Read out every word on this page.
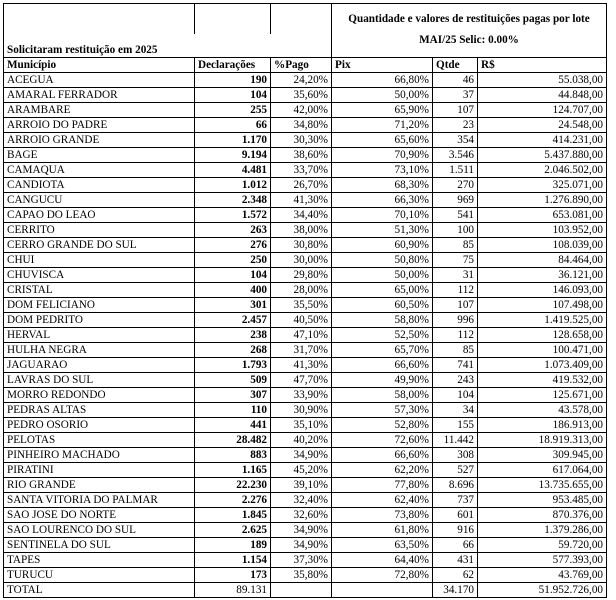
			Quantidade e valores de restituições pagas por lote		
Solicitaram restituição em 2025			MAI/25 Selic: 0.00%		
Município	Declarações	%Pago	Pix	Qtde	R$
ACEGUA	190	24,20%	66,80%	46	55.038,00
AMARAL FERRADOR	104	35,60%	50,00%	37	44.848,00
ARAMBARE	255	42,00%	65,90%	107	124.707,00
ARROIO DO PADRE	66	34,80%	71,20%	23	24.548,00
ARROIO GRANDE	1.170	30,30%	65,60%	354	414.231,00
BAGE	9.194	38,60%	70,90%	3.546	5.437.880,00
CAMAQUA	4.481	33,70%	73,10%	1.511	2.046.502,00
CANDIOTA	1.012	26,70%	68,30%	270	325.071,00
CANGUCU	2.348	41,30%	66,30%	969	1.276.890,00
CAPAO DO LEAO	1.572	34,40%	70,10%	541	653.081,00
CERRITO	263	38,00%	51,30%	100	103.952,00
CERRO GRANDE DO SUL	276	30,80%	60,90%	85	108.039,00
CHUI	250	30,00%	50,80%	75	84.464,00
CHUVISCA	104	29,80%	50,00%	31	36.121,00
CRISTAL	400	28,00%	65,00%	112	146.093,00
DOM FELICIANO	301	35,50%	60,50%	107	107.498,00
DOM PEDRITO	2.457	40,50%	58,80%	996	1.419.525,00
HERVAL	238	47,10%	52,50%	112	128.658,00
HULHA NEGRA	268	31,70%	65,70%	85	100.471,00
JAGUARAO	1.793	41,30%	66,60%	741	1.073.409,00
LAVRAS DO SUL	509	47,70%	49,90%	243	419.532,00
MORRO REDONDO	307	33,90%	58,00%	104	125.671,00
PEDRAS ALTAS	110	30,90%	57,30%	34	43.578,00
PEDRO OSORIO	441	35,10%	52,80%	155	186.913,00
PELOTAS	28.482	40,20%	72,60%	11.442	18.919.313,00
PINHEIRO MACHADO	883	34,90%	66,60%	308	309.945,00
PIRATINI	1.165	45,20%	62,20%	527	617.064,00
RIO GRANDE	22.230	39,10%	77,80%	8.696	13.735.655,00
SANTA VITORIA DO PALMAR	2.276	32,40%	62,40%	737	953.485,00
SAO JOSE DO NORTE	1.845	32,60%	73,80%	601	870.376,00
SAO LOURENCO DO SUL	2.625	34,90%	61,80%	916	1.379.286,00
SENTINELA DO SUL	189	34,90%	63,50%	66	59.720,00
TAPES	1.154	37,30%	64,40%	431	577.393,00
TURUCU	173	35,80%	72,80%	62	43.769,00
TOTAL	89.131			34.170	51.952.726,00
